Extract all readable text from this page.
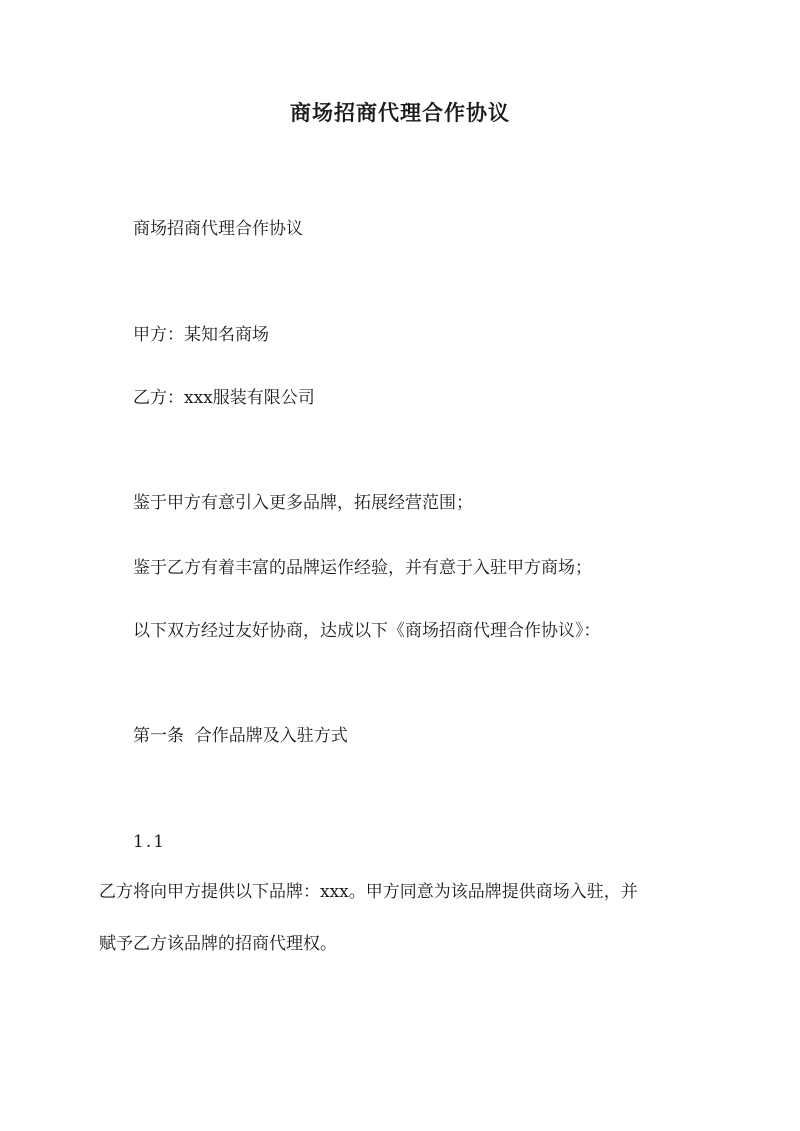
商场招商代理合作协议
商场招商代理合作协议
甲方：某知名商场
乙方：xxx服装有限公司
鉴于甲方有意引入更多品牌，拓展经营范围；
鉴于乙方有着丰富的品牌运作经验，并有意于入驻甲方商场；
以下双方经过友好协商，达成以下《商场招商代理合作协议》：
第一条  合作品牌及入驻方式
1.1
乙方将向甲方提供以下品牌：xxx。甲方同意为该品牌提供商场入驻，并
赋予乙方该品牌的招商代理权。
